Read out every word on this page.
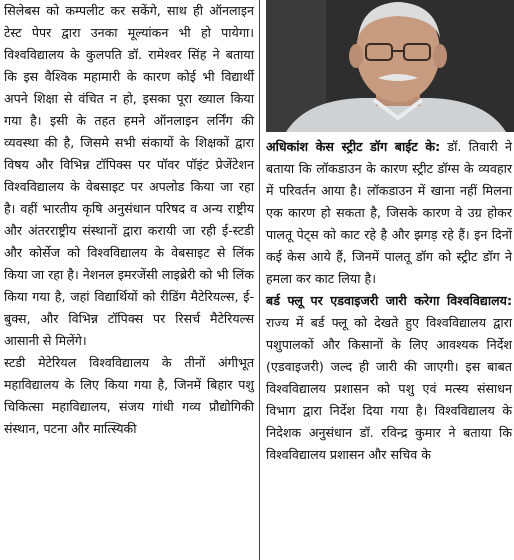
सिलेबस को कम्पलीट कर सकेंगे, साथ ही ऑनलाइन टेस्ट पेपर द्वारा उनका मूल्यांकन भी हो पायेगा। विश्वविद्यालय के कुलपति डॉ. रामेश्वर सिंह ने बताया कि इस वैश्विक महामारी के कारण कोई भी विद्यार्थी अपने शिक्षा से वंचित न हो, इसका पूरा ख्याल किया गया है। इसी के तहत हमने ऑनलाइन लर्निंग की व्यवस्था की है, जिसमे सभी संकायों के शिक्षकों द्वारा विषय और विभिन्न टॉपिक्स पर पॉवर पॉइंट प्रेजेंटेशन विश्वविद्यालय के वेबसाइट पर अपलोड किया जा रहा है। वहीं भारतीय कृषि अनुसंधान परिषद व अन्य राष्ट्रीय और अंतरराष्ट्रीय संस्थानों द्वारा करायी जा रही ई-स्टडी और कोर्सेज को विश्वविद्यालय के वेबसाइट से लिंक किया जा रहा है। नेशनल इमरजेंसी लाइब्रेरी को भी लिंक किया गया है, जहां विद्यार्थियों को रीडिंग मैटेरियल्स, ई-बुक्स, और विभिन्न टॉपिक्स पर रिसर्च मैटेरियल्स आसानी से मिलेंगे।

स्टडी मेटेरियल विश्वविद्यालय के तीनों अंगीभूत महाविद्यालय के लिए किया गया है, जिनमें बिहार पशु चिकित्सा महाविद्यालय, संजय गांधी गव्य प्रौद्योगिकी संस्थान, पटना और मात्स्यिकी

अधिकांश केस स्ट्रीट डॉग बाईट के: डॉ. तिवारी ने बताया कि लॉकडाउन के कारण स्ट्रीट डॉग्स के व्यवहार में परिवर्तन आया है। लॉकडाउन में खाना नहीं मिलना एक कारण हो सकता है, जिसके कारण वे उग्र होकर पालतू पेट्स को काट रहे है और झगड़ रहे हैं। इन दिनों कई केस आये हैं, जिनमें पालतू डॉग को स्ट्रीट डॉग ने हमला कर काट लिया है।

बर्ड फ्लू पर एडवाइजरी जारी करेगा विश्वविद्यालय: राज्य में बर्ड फ्लू को देखते हुए विश्वविद्यालय द्वारा पशुपालकों और किसानों के लिए आवश्यक निर्देश (एडवाइजरी) जल्द ही जारी की जाएगी। इस बाबत विश्वविद्यालय प्रशासन को पशु एवं मत्स्य संसाधन विभाग द्वारा निर्देश दिया गया है। विश्वविद्यालय के निदेशक अनुसंधान डॉ. रविन्द्र कुमार ने बताया कि विश्वविद्यालय प्रशासन और सचिव के
